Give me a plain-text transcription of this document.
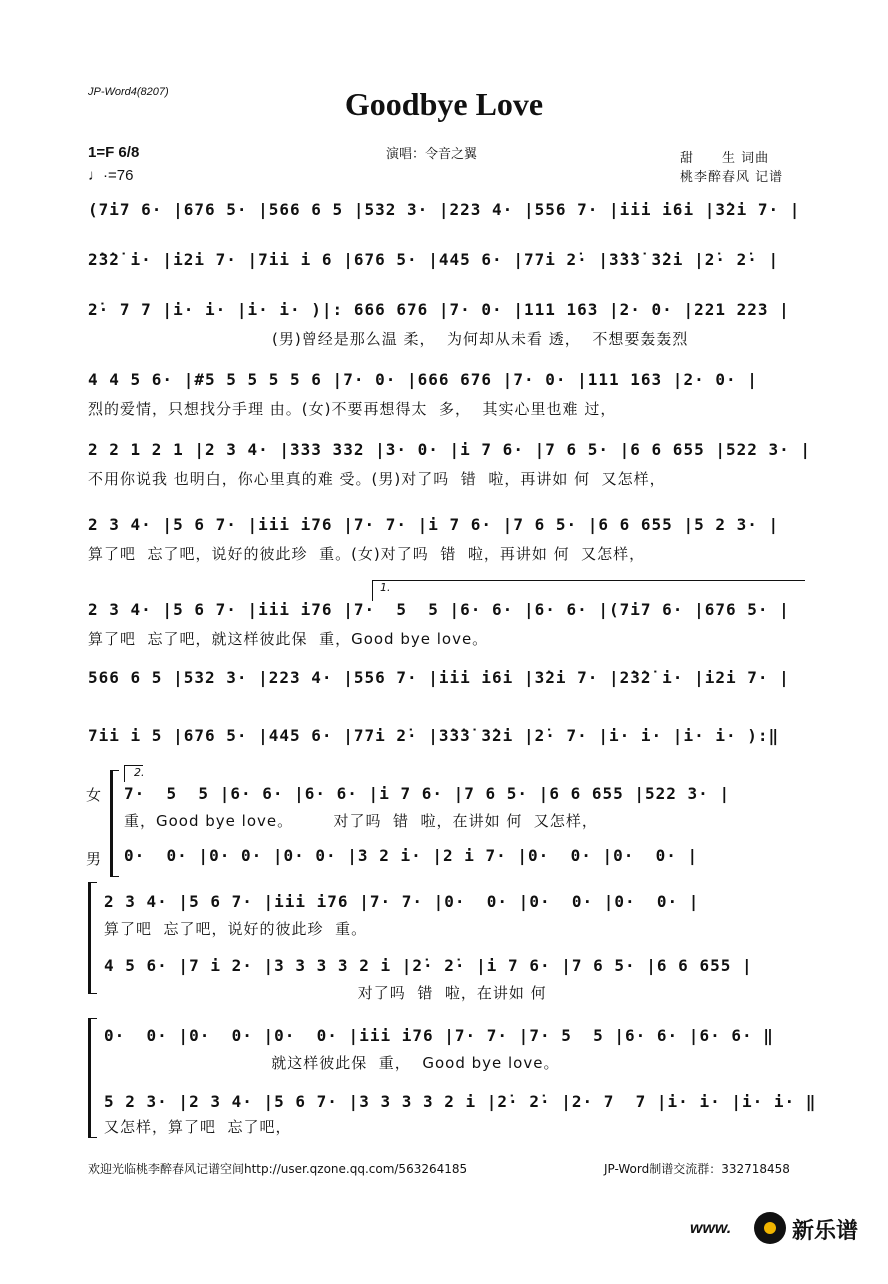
JP-Word4(8207)	Goodbye Love
1=F 6/8
♩·=76
演唱：令音之翼	甜　　生 词曲
桃李醉春风 记谱
(7i7 6· |676 5· |566 6 5 |532 3· |223 4· |556 7· |iii i6i |3̇2i 7· |
2̇3̇2̇ i· |i2i 7· |7ii i 6 |676 5· |445 6· |77i 2̇· |3̇3̇3̇ 3̇2i |2̇· 2̇· |
2̇· 7 7 |i· i· |i· i· )|: 666 676 |7· 0· |111 163 |2· 0· |221 223 |
(男)曾经是那么温 柔，  为何却从未看 透，  不想要轰轰烈
4 4 5 6· |#5 5 5 5 5 6 |7· 0· |666 676 |7· 0· |111 163 |2· 0· |
烈的爱情，只想找分手理 由。(女)不要再想得太  多，  其实心里也难 过，
2 2 1 2 1 |2 3 4· |333 332 |3· 0· |i 7 6· |7 6 5· |6 6 655 |522 3· |
不用你说我 也明白，你心里真的难 受。(男)对了吗  错  啦，再讲如 何  又怎样，
2 3 4· |5 6 7· |iii i76 |7· 7· |i 7 6· |7 6 5· |6 6 655 |5 2 3· |
算了吧  忘了吧，说好的彼此珍  重。(女)对了吗  错  啦，再讲如 何  又怎样，
1.
2 3 4· |5 6 7· |iii i76 |7·  5  5 |6· 6· |6· 6· |(7i7 6· |676 5· |
算了吧  忘了吧，就这样彼此保  重，Good bye love。
566 6 5 |532 3· |223 4· |556 7· |iii i6i |3̇2i 7· |2̇3̇2̇ i· |i2i 7· |
7ii i 5 |676 5· |445 6· |77i 2̇· |3̇3̇3̇ 3̇2i |2̇· 7· |i· i· |i· i· ):‖
2.
女
男
7·  5  5 |6· 6· |6· 6· |i 7 6· |7 6 5· |6 6 655 |522 3· |
重，Good bye love。       对了吗  错  啦，在讲如 何  又怎样，
0·  0· |0· 0· |0· 0· |3 2 i· |2 i 7· |0·  0· |0·  0· |
2 3 4· |5 6 7· |iii i76 |7· 7· |0·  0· |0·  0· |0·  0· |
算了吧  忘了吧，说好的彼此珍  重。
4 5 6· |7 i 2· |3 3 3 3 2 i |2̇· 2̇· |i 7 6· |7 6 5· |6 6 655 |
对了吗  错  啦，在讲如 何
0·  0· |0·  0· |0·  0· |iii i76 |7· 7· |7· 5  5 |6· 6· |6· 6· ‖
就这样彼此保  重，  Good bye love。
5 2 3· |2 3 4· |5 6 7· |3 3 3 3 2 i |2̇· 2̇· |2· 7  7 |i· i· |i· i· ‖
又怎样，算了吧  忘了吧，
欢迎光临桃李醉春风记谱空间http://user.qzone.qq.com/563264185	JP-Word制谱交流群：332718458

www.

	新乐谱
